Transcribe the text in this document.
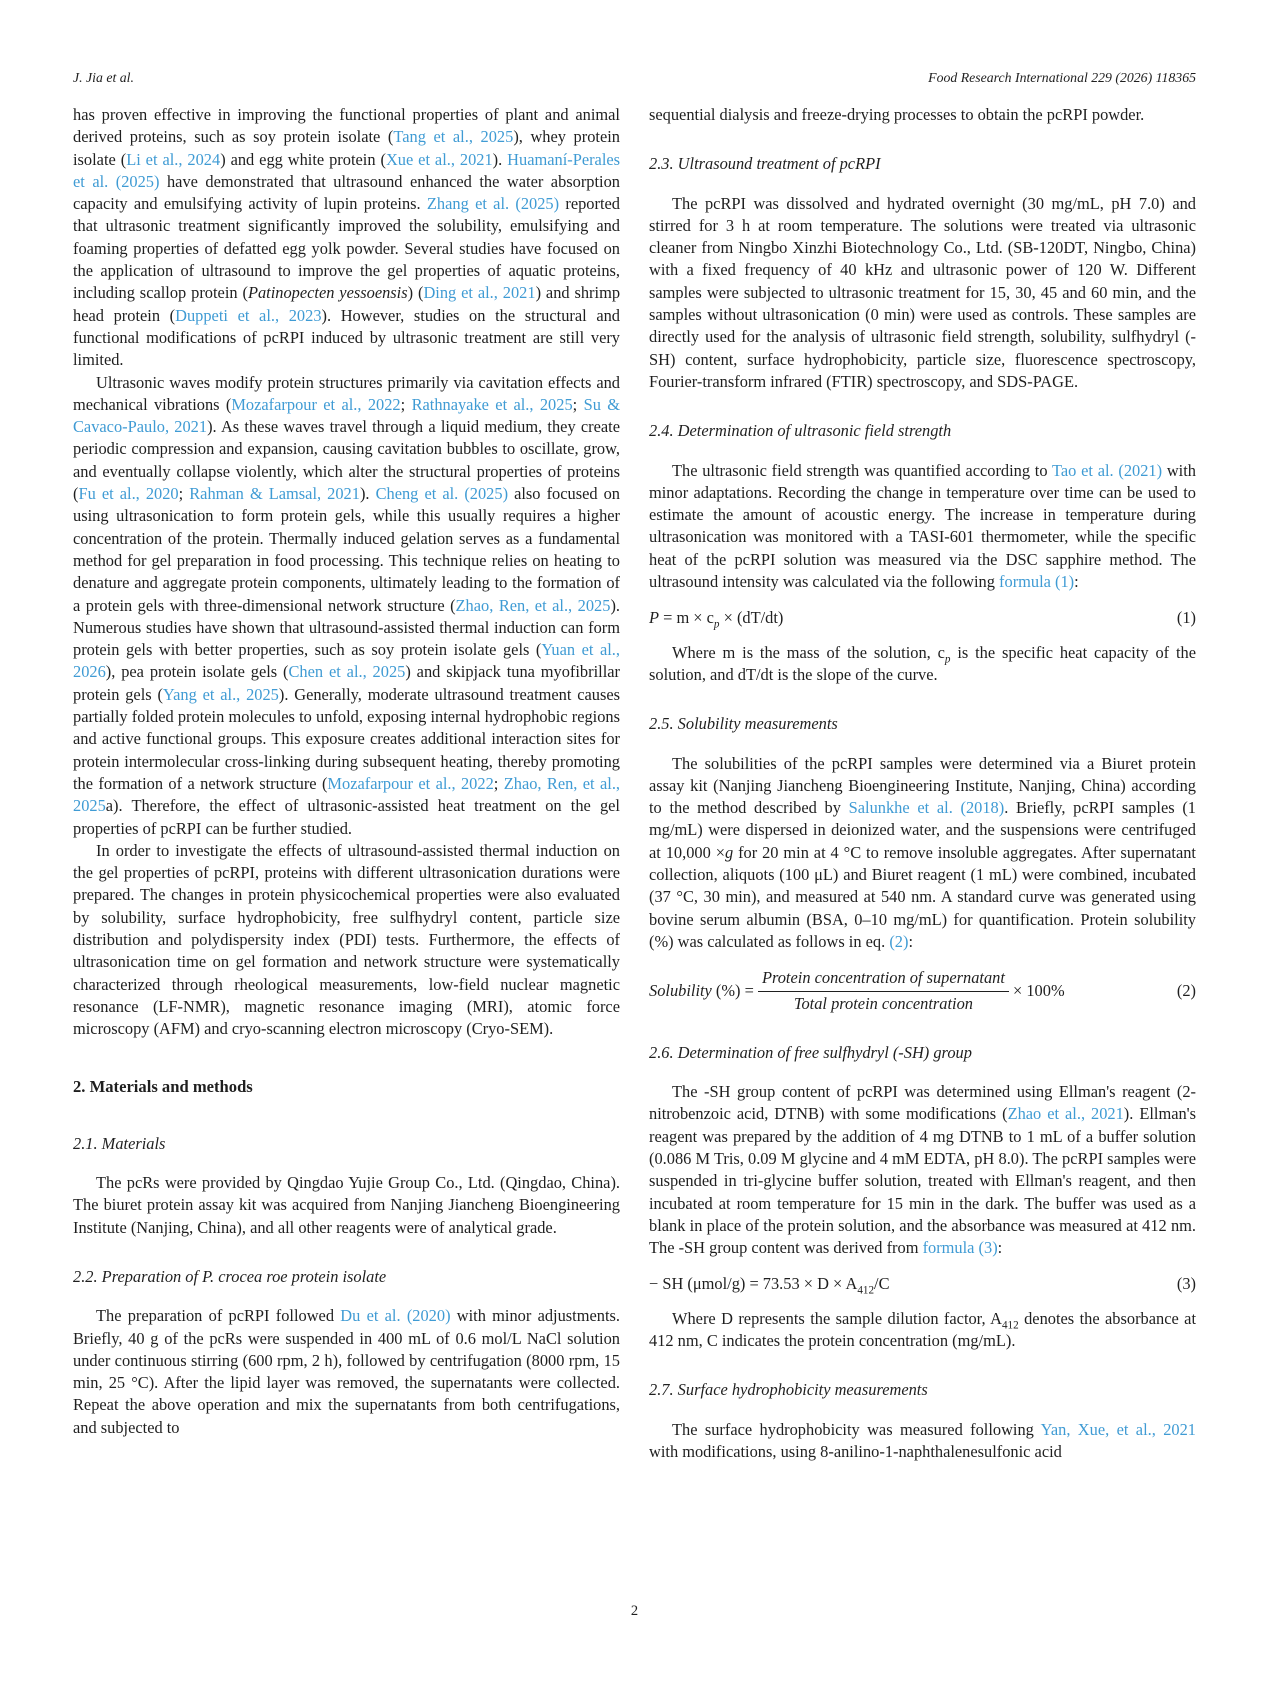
J. Jia et al.	Food Research International 229 (2026) 118365

has proven effective in improving the functional properties of plant and animal derived proteins, such as soy protein isolate (Tang et al., 2025), whey protein isolate (Li et al., 2024) and egg white protein (Xue et al., 2021). Huamaní-Perales et al. (2025) have demonstrated that ultrasound enhanced the water absorption capacity and emulsifying activity of lupin proteins. Zhang et al. (2025) reported that ultrasonic treatment significantly improved the solubility, emulsifying and foaming properties of defatted egg yolk powder. Several studies have focused on the application of ultrasound to improve the gel properties of aquatic proteins, including scallop protein (Patinopecten yessoensis) (Ding et al., 2021) and shrimp head protein (Duppeti et al., 2023). However, studies on the structural and functional modifications of pcRPI induced by ultrasonic treatment are still very limited.

Ultrasonic waves modify protein structures primarily via cavitation effects and mechanical vibrations (Mozafarpour et al., 2022; Rathnayake et al., 2025; Su & Cavaco-Paulo, 2021). As these waves travel through a liquid medium, they create periodic compression and expansion, causing cavitation bubbles to oscillate, grow, and eventually collapse violently, which alter the structural properties of proteins (Fu et al., 2020; Rahman & Lamsal, 2021). Cheng et al. (2025) also focused on using ultrasonication to form protein gels, while this usually requires a higher concentration of the protein. Thermally induced gelation serves as a fundamental method for gel preparation in food processing. This technique relies on heating to denature and aggregate protein components, ultimately leading to the formation of a protein gels with three-dimensional network structure (Zhao, Ren, et al., 2025). Numerous studies have shown that ultrasound-assisted thermal induction can form protein gels with better properties, such as soy protein isolate gels (Yuan et al., 2026), pea protein isolate gels (Chen et al., 2025) and skipjack tuna myofibrillar protein gels (Yang et al., 2025). Generally, moderate ultrasound treatment causes partially folded protein molecules to unfold, exposing internal hydrophobic regions and active functional groups. This exposure creates additional interaction sites for protein intermolecular cross-linking during subsequent heating, thereby promoting the formation of a network structure (Mozafarpour et al., 2022; Zhao, Ren, et al., 2025a). Therefore, the effect of ultrasonic-assisted heat treatment on the gel properties of pcRPI can be further studied.

In order to investigate the effects of ultrasound-assisted thermal induction on the gel properties of pcRPI, proteins with different ultrasonication durations were prepared. The changes in protein physicochemical properties were also evaluated by solubility, surface hydrophobicity, free sulfhydryl content, particle size distribution and polydispersity index (PDI) tests. Furthermore, the effects of ultrasonication time on gel formation and network structure were systematically characterized through rheological measurements, low-field nuclear magnetic resonance (LF-NMR), magnetic resonance imaging (MRI), atomic force microscopy (AFM) and cryo-scanning electron microscopy (Cryo-SEM).

2. Materials and methods
2.1. Materials

The pcRs were provided by Qingdao Yujie Group Co., Ltd. (Qingdao, China). The biuret protein assay kit was acquired from Nanjing Jiancheng Bioengineering Institute (Nanjing, China), and all other reagents were of analytical grade.

2.2. Preparation of P. crocea roe protein isolate

The preparation of pcRPI followed Du et al. (2020) with minor adjustments. Briefly, 40 g of the pcRs were suspended in 400 mL of 0.6 mol/L NaCl solution under continuous stirring (600 rpm, 2 h), followed by centrifugation (8000 rpm, 15 min, 25 °C). After the lipid layer was removed, the supernatants were collected. Repeat the above operation and mix the supernatants from both centrifugations, and subjected to

sequential dialysis and freeze-drying processes to obtain the pcRPI powder.

2.3. Ultrasound treatment of pcRPI

The pcRPI was dissolved and hydrated overnight (30 mg/mL, pH 7.0) and stirred for 3 h at room temperature. The solutions were treated via ultrasonic cleaner from Ningbo Xinzhi Biotechnology Co., Ltd. (SB-120DT, Ningbo, China) with a fixed frequency of 40 kHz and ultrasonic power of 120 W. Different samples were subjected to ultrasonic treatment for 15, 30, 45 and 60 min, and the samples without ultrasonication (0 min) were used as controls. These samples are directly used for the analysis of ultrasonic field strength, solubility, sulfhydryl (-SH) content, surface hydrophobicity, particle size, fluorescence spectroscopy, Fourier-transform infrared (FTIR) spectroscopy, and SDS-PAGE.

2.4. Determination of ultrasonic field strength

The ultrasonic field strength was quantified according to Tao et al. (2021) with minor adaptations. Recording the change in temperature over time can be used to estimate the amount of acoustic energy. The increase in temperature during ultrasonication was monitored with a TASI-601 thermometer, while the specific heat of the pcRPI solution was measured via the DSC sapphire method. The ultrasound intensity was calculated via the following formula (1):

$P = m \times c_p \times (dT/dt)$	(1)

Where m is the mass of the solution, $c_p$ is the specific heat capacity of the solution, and dT/dt is the slope of the curve.

2.5. Solubility measurements

The solubilities of the pcRPI samples were determined via a Biuret protein assay kit (Nanjing Jiancheng Bioengineering Institute, Nanjing, China) according to the method described by Salunkhe et al. (2018). Briefly, pcRPI samples (1 mg/mL) were dispersed in deionized water, and the suspensions were centrifuged at 10,000 ×g for 20 min at 4 °C to remove insoluble aggregates. After supernatant collection, aliquots (100 μL) and Biuret reagent (1 mL) were combined, incubated (37 °C, 30 min), and measured at 540 nm. A standard curve was generated using bovine serum albumin (BSA, 0–10 mg/mL) for quantification. Protein solubility (%) was calculated as follows in eq. (2):

Solubility (%) = $\frac{\text{Protein concentration of supernatant}}{\text{Total protein concentration}} \times 100\%$	(2)
2.6. Determination of free sulfhydryl (-SH) group

The -SH group content of pcRPI was determined using Ellman's reagent (2-nitrobenzoic acid, DTNB) with some modifications (Zhao et al., 2021). Ellman's reagent was prepared by the addition of 4 mg DTNB to 1 mL of a buffer solution (0.086 M Tris, 0.09 M glycine and 4 mM EDTA, pH 8.0). The pcRPI samples were suspended in tri-glycine buffer solution, treated with Ellman's reagent, and then incubated at room temperature for 15 min in the dark. The buffer was used as a blank in place of the protein solution, and the absorbance was measured at 412 nm. The -SH group content was derived from formula (3):

− SH $(\mu mol/g) = 73.53 \times D \times A_{412}/C$	(3)

Where D represents the sample dilution factor, $A_{412}$ denotes the absorbance at 412 nm, C indicates the protein concentration (mg/mL).

2.7. Surface hydrophobicity measurements

The surface hydrophobicity was measured following Yan, Xue, et al., 2021 with modifications, using 8-anilino-1-naphthalenesulfonic acid

2
